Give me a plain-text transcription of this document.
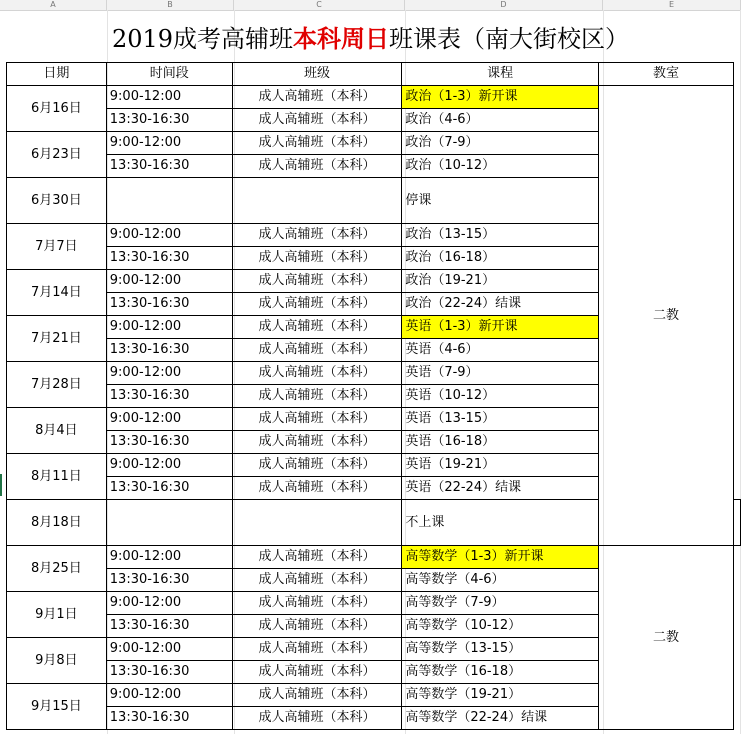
A	B	C	D	E
2019成考高辅班 本科周日 班课表（南大街校区）
日期	时间段	班级	课程	教室	
6月16日	9:00-12:00	成人高辅班（本科）	政治（1-3）新开课	二教	
	13:30-16:30	成人高辅班（本科）	政治（4-6）		
6月23日	9:00-12:00	成人高辅班（本科）	政治（7-9）		
	13:30-16:30	成人高辅班（本科）	政治（10-12）		
6月30日			停课		
7月7日	9:00-12:00	成人高辅班（本科）	政治（13-15）		
	13:30-16:30	成人高辅班（本科）	政治（16-18）		
7月14日	9:00-12:00	成人高辅班（本科）	政治（19-21）		
	13:30-16:30	成人高辅班（本科）	政治（22-24）结课		
7月21日	9:00-12:00	成人高辅班（本科）	英语（1-3）新开课		
	13:30-16:30	成人高辅班（本科）	英语（4-6）		
7月28日	9:00-12:00	成人高辅班（本科）	英语（7-9）		
	13:30-16:30	成人高辅班（本科）	英语（10-12）		
8月4日	9:00-12:00	成人高辅班（本科）	英语（13-15）		
	13:30-16:30	成人高辅班（本科）	英语（16-18）		
8月11日	9:00-12:00	成人高辅班（本科）	英语（19-21）		
	13:30-16:30	成人高辅班（本科）	英语（22-24）结课		
8月18日			不上课		
8月25日	9:00-12:00	成人高辅班（本科）	高等数学（1-3）新开课	二教	
	13:30-16:30	成人高辅班（本科）	高等数学（4-6）		
9月1日	9:00-12:00	成人高辅班（本科）	高等数学（7-9）		
	13:30-16:30	成人高辅班（本科）	高等数学（10-12）		
9月8日	9:00-12:00	成人高辅班（本科）	高等数学（13-15）		
	13:30-16:30	成人高辅班（本科）	高等数学（16-18）		
9月15日	9:00-12:00	成人高辅班（本科）	高等数学（19-21）		
	13:30-16:30	成人高辅班（本科）	高等数学（22-24）结课		
